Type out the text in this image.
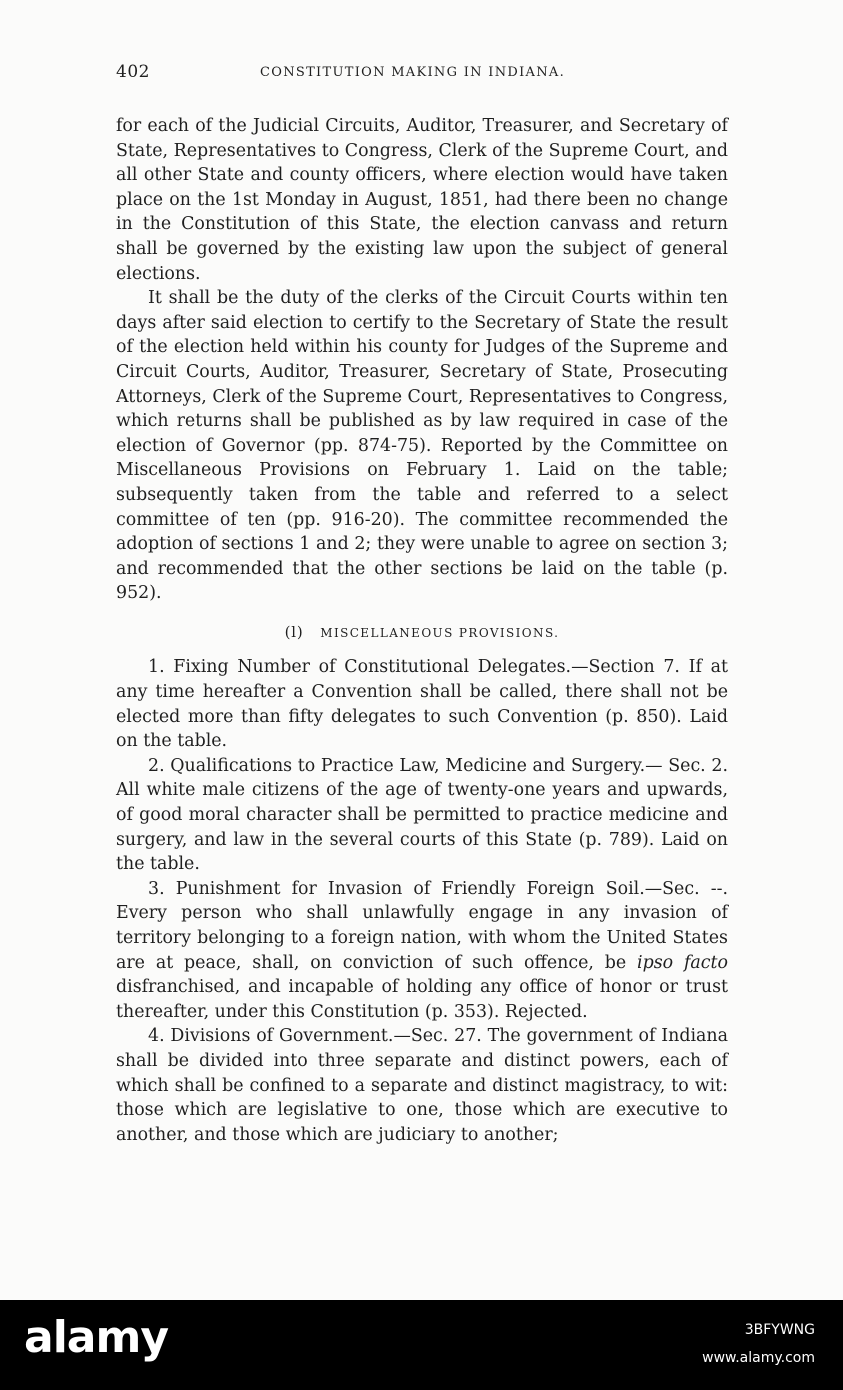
402	CONSTITUTION MAKING IN INDIANA.

for each of the Judicial Circuits, Auditor, Treasurer, and Secretary of State, Representatives to Congress, Clerk of the Supreme Court, and all other State and county officers, where election would have taken place on the 1st Monday in August, 1851, had there been no change in the Constitution of this State, the election canvass and return shall be governed by the existing law upon the subject of general elections.

It shall be the duty of the clerks of the Circuit Courts within ten days after said election to certify to the Secretary of State the result of the election held within his county for Judges of the Supreme and Circuit Courts, Auditor, Treasurer, Secretary of State, Prosecuting Attorneys, Clerk of the Supreme Court, Representatives to Congress, which returns shall be published as by law required in case of the election of Governor (pp. 874-75). Reported by the Committee on Miscellaneous Provisions on February 1. Laid on the table; subsequently taken from the table and referred to a select committee of ten (pp. 916-20). The committee recommended the adoption of sections 1 and 2; they were unable to agree on section 3; and recommended that the other sections be laid on the table (p. 952).

(l) MISCELLANEOUS PROVISIONS.

1. Fixing Number of Constitutional Delegates.—Section 7. If at any time hereafter a Convention shall be called, there shall not be elected more than fifty delegates to such Convention (p. 850). Laid on the table.

2. Qualifications to Practice Law, Medicine and Surgery.— Sec. 2. All white male citizens of the age of twenty-one years and upwards, of good moral character shall be permitted to practice medicine and surgery, and law in the several courts of this State (p. 789). Laid on the table.

3. Punishment for Invasion of Friendly Foreign Soil.—Sec. --. Every person who shall unlawfully engage in any invasion of territory belonging to a foreign nation, with whom the United States are at peace, shall, on conviction of such offence, be ipso facto disfranchised, and incapable of holding any office of honor or trust thereafter, under this Constitution (p. 353). Rejected.

4. Divisions of Government.—Sec. 27. The government of Indiana shall be divided into three separate and distinct powers, each of which shall be confined to a separate and distinct magistracy, to wit: those which are legislative to one, those which are executive to another, and those which are judiciary to another;

alamy	3BFYWNG
www.alamy.com
